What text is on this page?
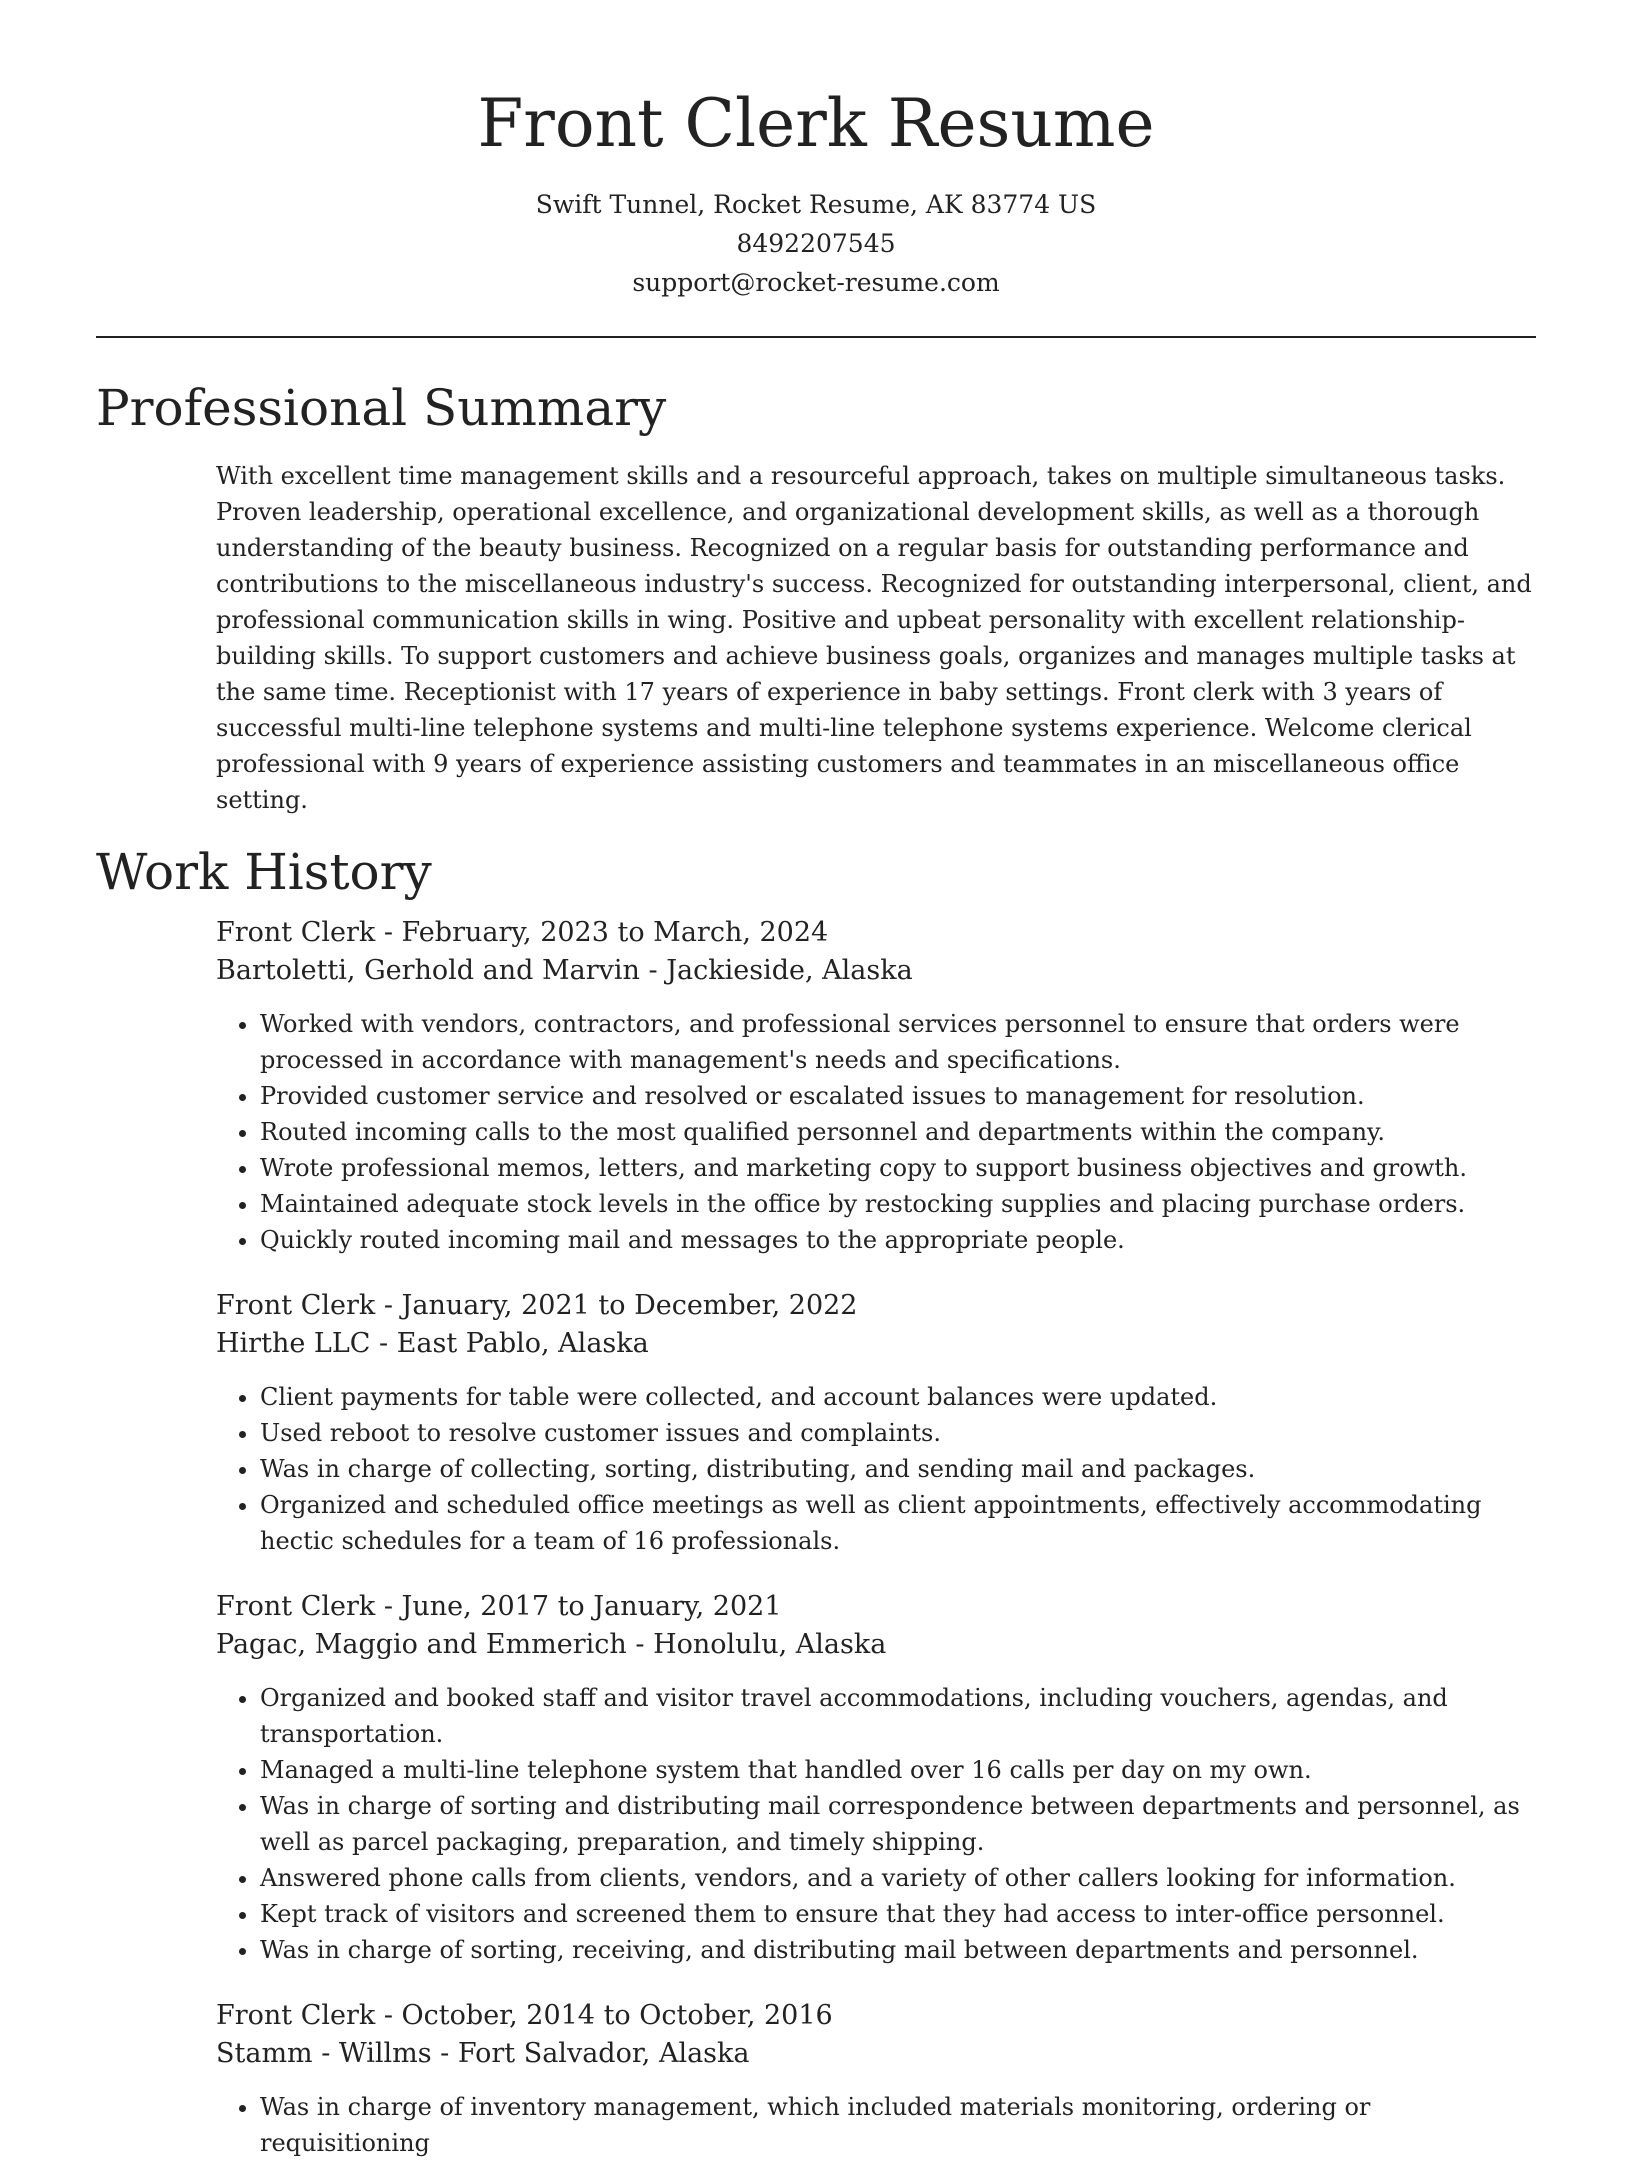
Front Clerk Resume
Swift Tunnel, Rocket Resume, AK 83774 US
8492207545
support@rocket-resume.com
Professional Summary

With excellent time management skills and a resourceful approach, takes on multiple simultaneous tasks. Proven leadership, operational excellence, and organizational development skills, as well as a thorough understanding of the beauty business. Recognized on a regular basis for outstanding performance and contributions to the miscellaneous industry's success. Recognized for outstanding interpersonal, client, and professional communication skills in wing. Positive and upbeat personality with excellent relationship-building skills. To support customers and achieve business goals, organizes and manages multiple tasks at the same time. Receptionist with 17 years of experience in baby settings. Front clerk with 3 years of successful multi-line telephone systems and multi-line telephone systems experience. Welcome clerical professional with 9 years of experience assisting customers and teammates in an miscellaneous office setting.

Work History
Front Clerk - February, 2023 to March, 2024
Bartoletti, Gerhold and Marvin - Jackieside, Alaska
• Worked with vendors, contractors, and professional services personnel to ensure that orders were processed in accordance with management's needs and specifications.
• Provided customer service and resolved or escalated issues to management for resolution.
• Routed incoming calls to the most qualified personnel and departments within the company.
• Wrote professional memos, letters, and marketing copy to support business objectives and growth.
• Maintained adequate stock levels in the office by restocking supplies and placing purchase orders.
• Quickly routed incoming mail and messages to the appropriate people.
Front Clerk - January, 2021 to December, 2022
Hirthe LLC - East Pablo, Alaska
• Client payments for table were collected, and account balances were updated.
• Used reboot to resolve customer issues and complaints.
• Was in charge of collecting, sorting, distributing, and sending mail and packages.
• Organized and scheduled office meetings as well as client appointments, effectively accommodating hectic schedules for a team of 16 professionals.
Front Clerk - June, 2017 to January, 2021
Pagac, Maggio and Emmerich - Honolulu, Alaska
• Organized and booked staff and visitor travel accommodations, including vouchers, agendas, and transportation.
• Managed a multi-line telephone system that handled over 16 calls per day on my own.
• Was in charge of sorting and distributing mail correspondence between departments and personnel, as well as parcel packaging, preparation, and timely shipping.
• Answered phone calls from clients, vendors, and a variety of other callers looking for information.
• Kept track of visitors and screened them to ensure that they had access to inter-office personnel.
• Was in charge of sorting, receiving, and distributing mail between departments and personnel.
Front Clerk - October, 2014 to October, 2016
Stamm - Willms - Fort Salvador, Alaska
• Was in charge of inventory management, which included materials monitoring, ordering or requisitioning
